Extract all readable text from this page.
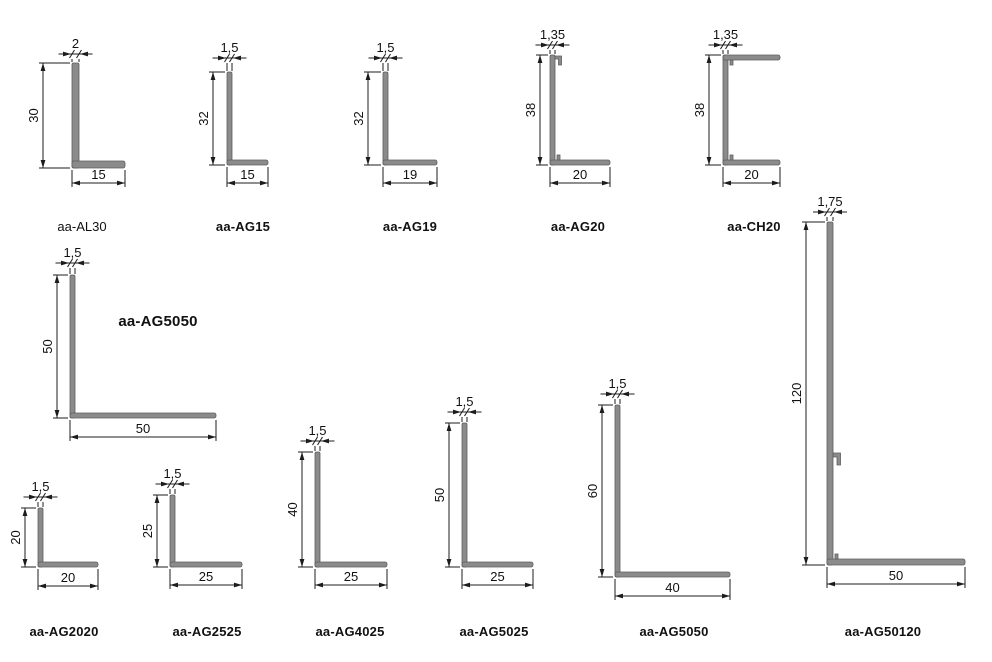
2
30
15
1,5
32
15
1,5
32
19
1,35
38
20
1,35
38
20
1,5
50
50
1,75
120
50
1,5
20
20
1,5
25
25
1,5
40
25
1,5
50
25
1,5
60
40
aa-AL30	aa-AG15	aa-AG19	aa-AG20	aa-CH20
aa-AG5050
aa-AG50120
aa-AG2020	aa-AG2525	aa-AG4025	aa-AG5025	aa-AG5050
